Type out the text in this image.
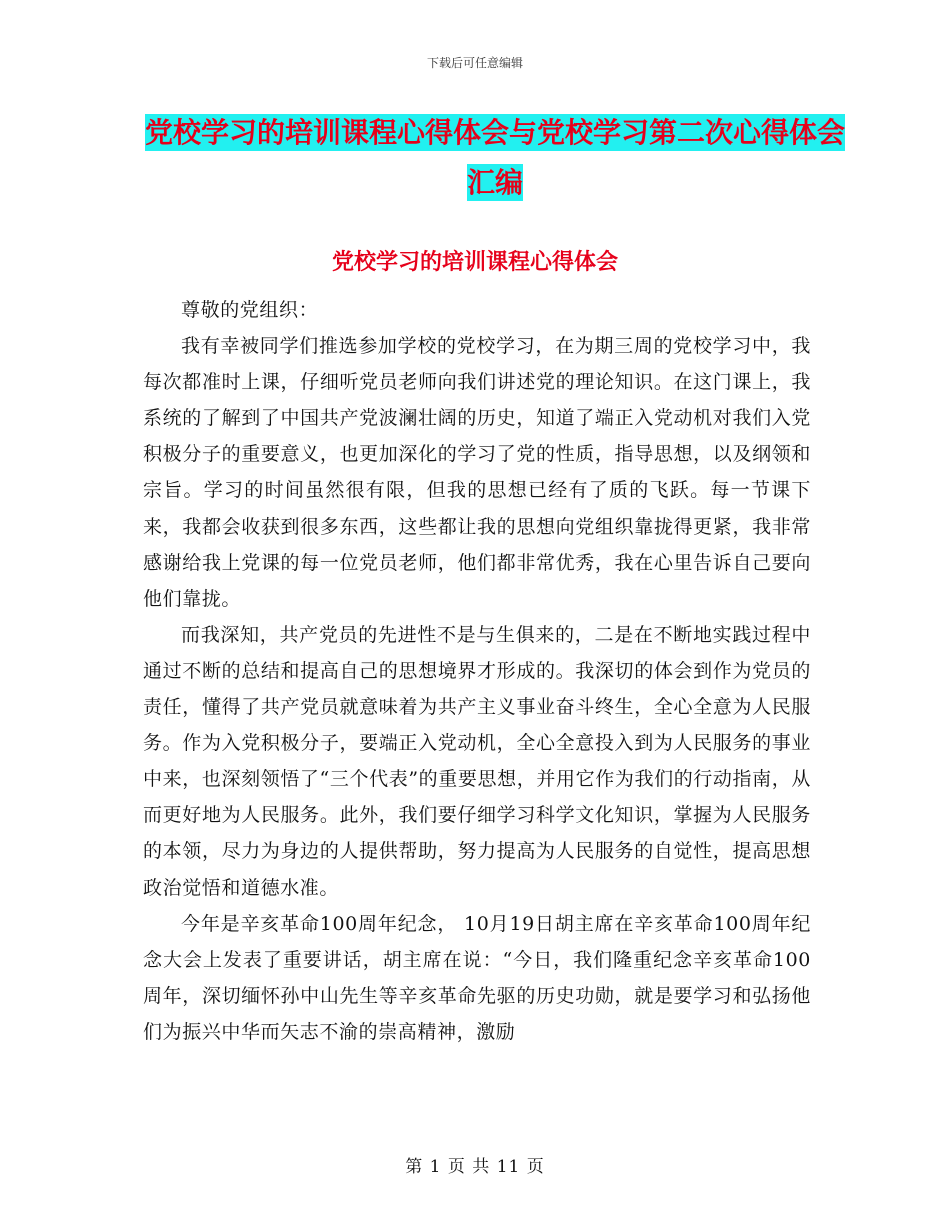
下载后可任意编辑
党校学习的培训课程心得体会与党校学习第二次心得体会汇编
党校学习的培训课程心得体会

尊敬的党组织：

我有幸被同学们推选参加学校的党校学习，在为期三周的党校学习中，我每次都准时上课，仔细听党员老师向我们讲述党的理论知识。在这门课上，我系统的了解到了中国共产党波澜壮阔的历史，知道了端正入党动机对我们入党积极分子的重要意义，也更加深化的学习了党的性质，指导思想，以及纲领和宗旨。学习的时间虽然很有限，但我的思想已经有了质的飞跃。每一节课下来，我都会收获到很多东西，这些都让我的思想向党组织靠拢得更紧，我非常感谢给我上党课的每一位党员老师，他们都非常优秀，我在心里告诉自己要向他们靠拢。

而我深知，共产党员的先进性不是与生俱来的，二是在不断地实践过程中通过不断的总结和提高自己的思想境界才形成的。我深切的体会到作为党员的责任，懂得了共产党员就意味着为共产主义事业奋斗终生，全心全意为人民服务。作为入党积极分子，要端正入党动机，全心全意投入到为人民服务的事业中来，也深刻领悟了“三个代表”的重要思想，并用它作为我们的行动指南，从而更好地为人民服务。此外，我们要仔细学习科学文化知识，掌握为人民服务的本领，尽力为身边的人提供帮助，努力提高为人民服务的自觉性，提高思想政治觉悟和道德水准。

今年是辛亥革命100周年纪念， 10月19日胡主席在辛亥革命100周年纪念大会上发表了重要讲话，胡主席在说：“今日，我们隆重纪念辛亥革命100周年，深切缅怀孙中山先生等辛亥革命先驱的历史功勋，就是要学习和弘扬他们为振兴中华而矢志不渝的崇高精神，激励

第 1 页 共 11 页
